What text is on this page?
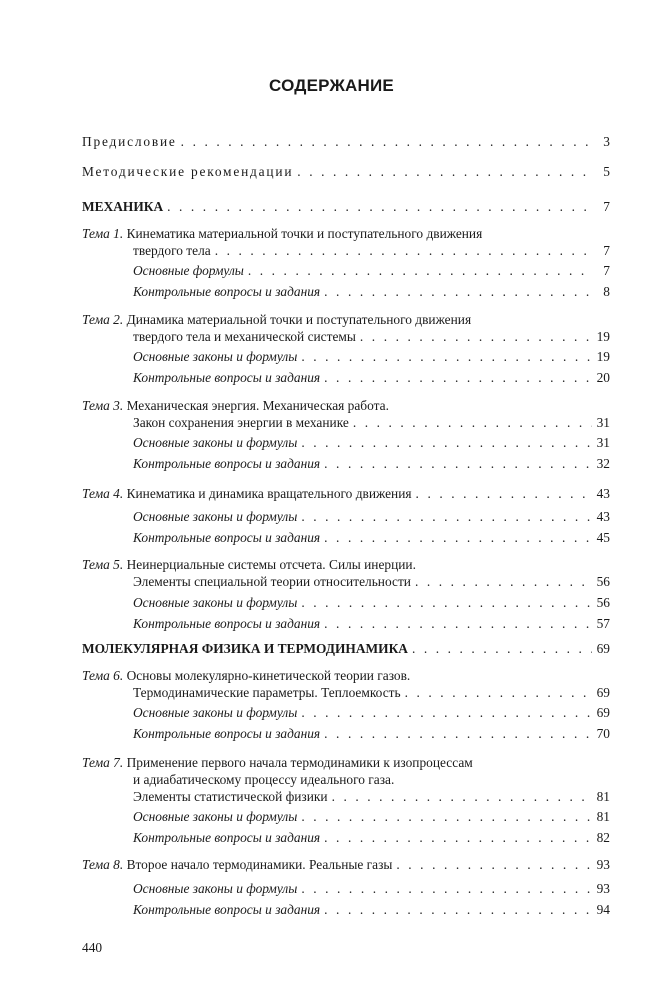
СОДЕРЖАНИЕ
Предисловие . . .	3
Методические рекомендации . . .	5
МЕХАНИКА . . .	7
Тема 1. Кинематика материальной точки и поступательного движения
твердого тела . . .	7
Основные формулы . . .	7
Контрольные вопросы и задания . . .	8
Тема 2. Динамика материальной точки и поступательного движения
твердого тела и механической системы . . .	19
Основные законы и формулы . . .	19
Контрольные вопросы и задания . . .	20
Тема 3. Механическая энергия. Механическая работа.
Закон сохранения энергии в механике . . .	31
Основные законы и формулы . . .	31
Контрольные вопросы и задания . . .	32
Тема 4. Кинематика и динамика вращательного движения . . .	43
Основные законы и формулы . . .	43
Контрольные вопросы и задания . . .	45
Тема 5. Неинерциальные системы отсчета. Силы инерции.
Элементы специальной теории относительности . . .	56
Основные законы и формулы . . .	56
Контрольные вопросы и задания . . .	57
МОЛЕКУЛЯРНАЯ ФИЗИКА И ТЕРМОДИНАМИКА . . .	69
Тема 6. Основы молекулярно-кинетической теории газов.
Термодинамические параметры. Теплоемкость . . .	69
Основные законы и формулы . . .	69
Контрольные вопросы и задания . . .	70
Тема 7. Применение первого начала термодинамики к изопроцессам
и адиабатическому процессу идеального газа.
Элементы статистической физики . . .	81
Основные законы и формулы . . .	81
Контрольные вопросы и задания . . .	82
Тема 8. Второе начало термодинамики. Реальные газы . . .	93
Основные законы и формулы . . .	93
Контрольные вопросы и задания . . .	94
440
